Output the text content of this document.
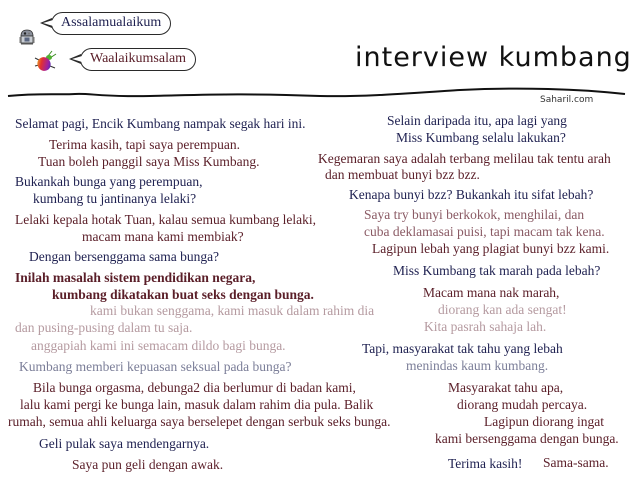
Assalamualaikum
Waalaikumsalam	interview kumbang
Saharil.com
Selamat pagi, Encik Kumbang nampak segak hari ini.
Terima kasih, tapi saya perempuan.
Tuan boleh panggil saya Miss Kumbang.
Bukankah bunga yang perempuan,
kumbang tu jantinanya lelaki?
Lelaki kepala hotak Tuan, kalau semua kumbang lelaki,
macam mana kami membiak?
Dengan bersenggama sama bunga?
Inilah masalah sistem pendidikan negara,
kumbang dikatakan buat seks dengan bunga.
kami bukan senggama, kami masuk dalam rahim dia
dan pusing-pusing dalam tu saja.
anggapiah kami ini semacam dildo bagi bunga.
Kumbang memberi kepuasan seksual pada bunga?
Bila bunga orgasma, debunga2 dia berlumur di badan kami,
lalu kami pergi ke bunga lain, masuk dalam rahim dia pula. Balik
rumah, semua ahli keluarga saya berselepet dengan serbuk seks bunga.
Geli pulak saya mendengarnya.
Saya pun geli dengan awak.
Selain daripada itu, apa lagi yang
Miss Kumbang selalu lakukan?
Kegemaran saya adalah terbang melilau tak tentu arah
dan membuat bunyi bzz bzz.
Kenapa bunyi bzz? Bukankah itu sifat lebah?
Saya try bunyi berkokok, menghilai, dan
cuba deklamasai puisi, tapi macam tak kena.
Lagipun lebah yang plagiat bunyi bzz kami.
Miss Kumbang tak marah pada lebah?
Macam mana nak marah,
diorang kan ada sengat!
Kita pasrah sahaja lah.
Tapi, masyarakat tak tahu yang lebah
menindas kaum kumbang.
Masyarakat tahu apa,
diorang mudah percaya.
Lagipun diorang ingat
kami bersenggama dengan bunga.
Terima kasih! Sama-sama.
